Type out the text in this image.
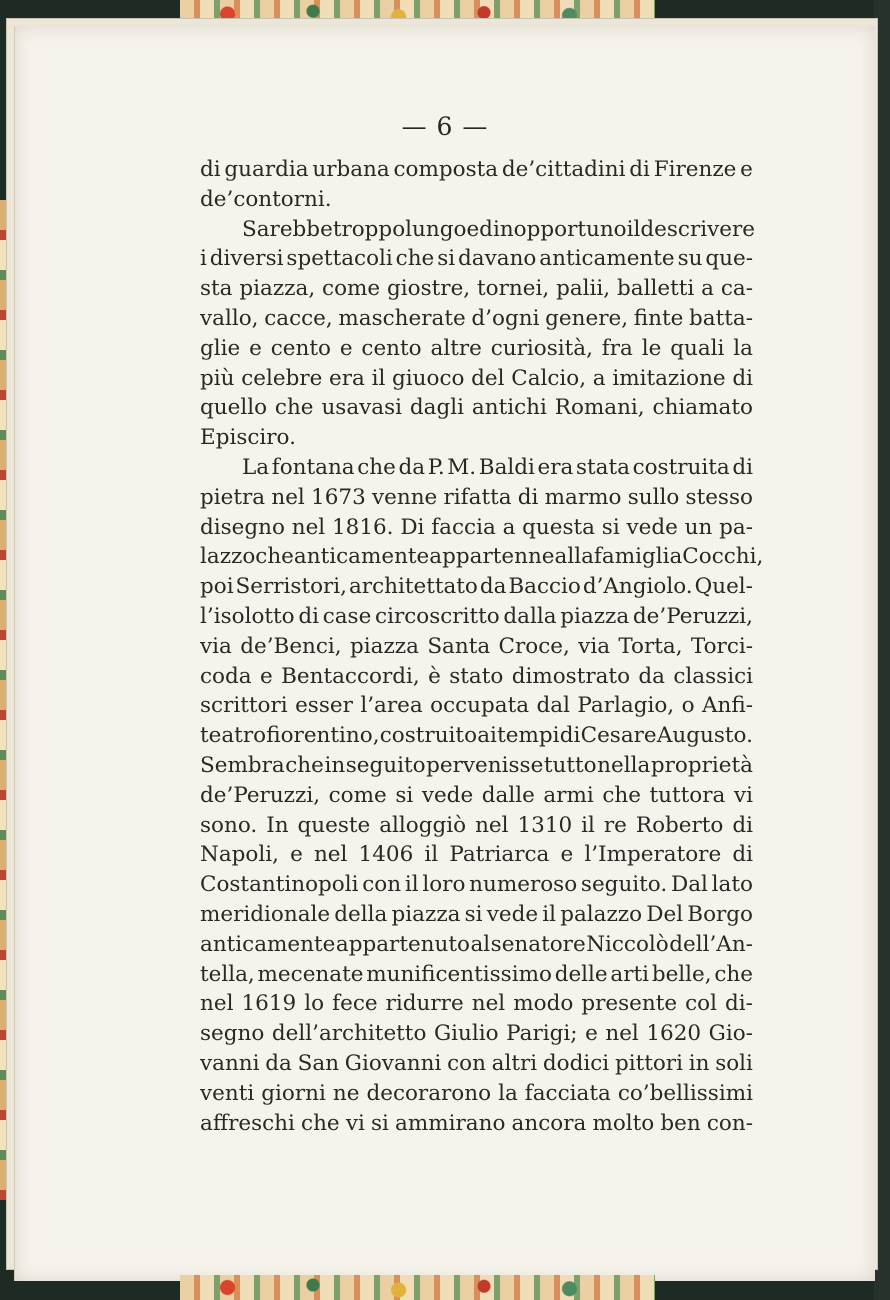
— 6 —
di guardia urbana composta de’cittadini di Firenze e
de’contorni.
Sarebbe troppo lungo ed inopportuno il descrivere
i diversi spettacoli che si davano anticamente su que-
sta piazza, come giostre, tornei, palii, balletti a ca-
vallo, cacce, mascherate d’ogni genere, finte batta-
glie e cento e cento altre curiosità, fra le quali la
più celebre era il giuoco del Calcio, a imitazione di
quello che usavasi dagli antichi Romani, chiamato
Episciro.
La fontana che da P. M. Baldi era stata costruita di
pietra nel 1673 venne rifatta di marmo sullo stesso
disegno nel 1816. Di faccia a questa si vede un pa-
lazzo che anticamente appartenne alla famiglia Cocchi,
poi Serristori, architettato da Baccio d’Angiolo. Quel-
l’isolotto di case circoscritto dalla piazza de’Peruzzi,
via de’Benci, piazza Santa Croce, via Torta, Torci-
coda e Bentaccordi, è stato dimostrato da classici
scrittori esser l’area occupata dal Parlagio, o Anfi-
teatro fiorentino, costruito ai tempi di Cesare Augusto.
Sembra che in seguito pervenisse tutto nella proprietà
de’Peruzzi, come si vede dalle armi che tuttora vi
sono. In queste alloggiò nel 1310 il re Roberto di
Napoli, e nel 1406 il Patriarca e l’Imperatore di
Costantinopoli con il loro numeroso seguito. Dal lato
meridionale della piazza si vede il palazzo Del Borgo
anticamente appartenuto al senatore Niccolò dell’An-
tella, mecenate munificentissimo delle arti belle, che
nel 1619 lo fece ridurre nel modo presente col di-
segno dell’architetto Giulio Parigi; e nel 1620 Gio-
vanni da San Giovanni con altri dodici pittori in soli
venti giorni ne decorarono la facciata co’bellissimi
affreschi che vi si ammirano ancora molto ben con-
